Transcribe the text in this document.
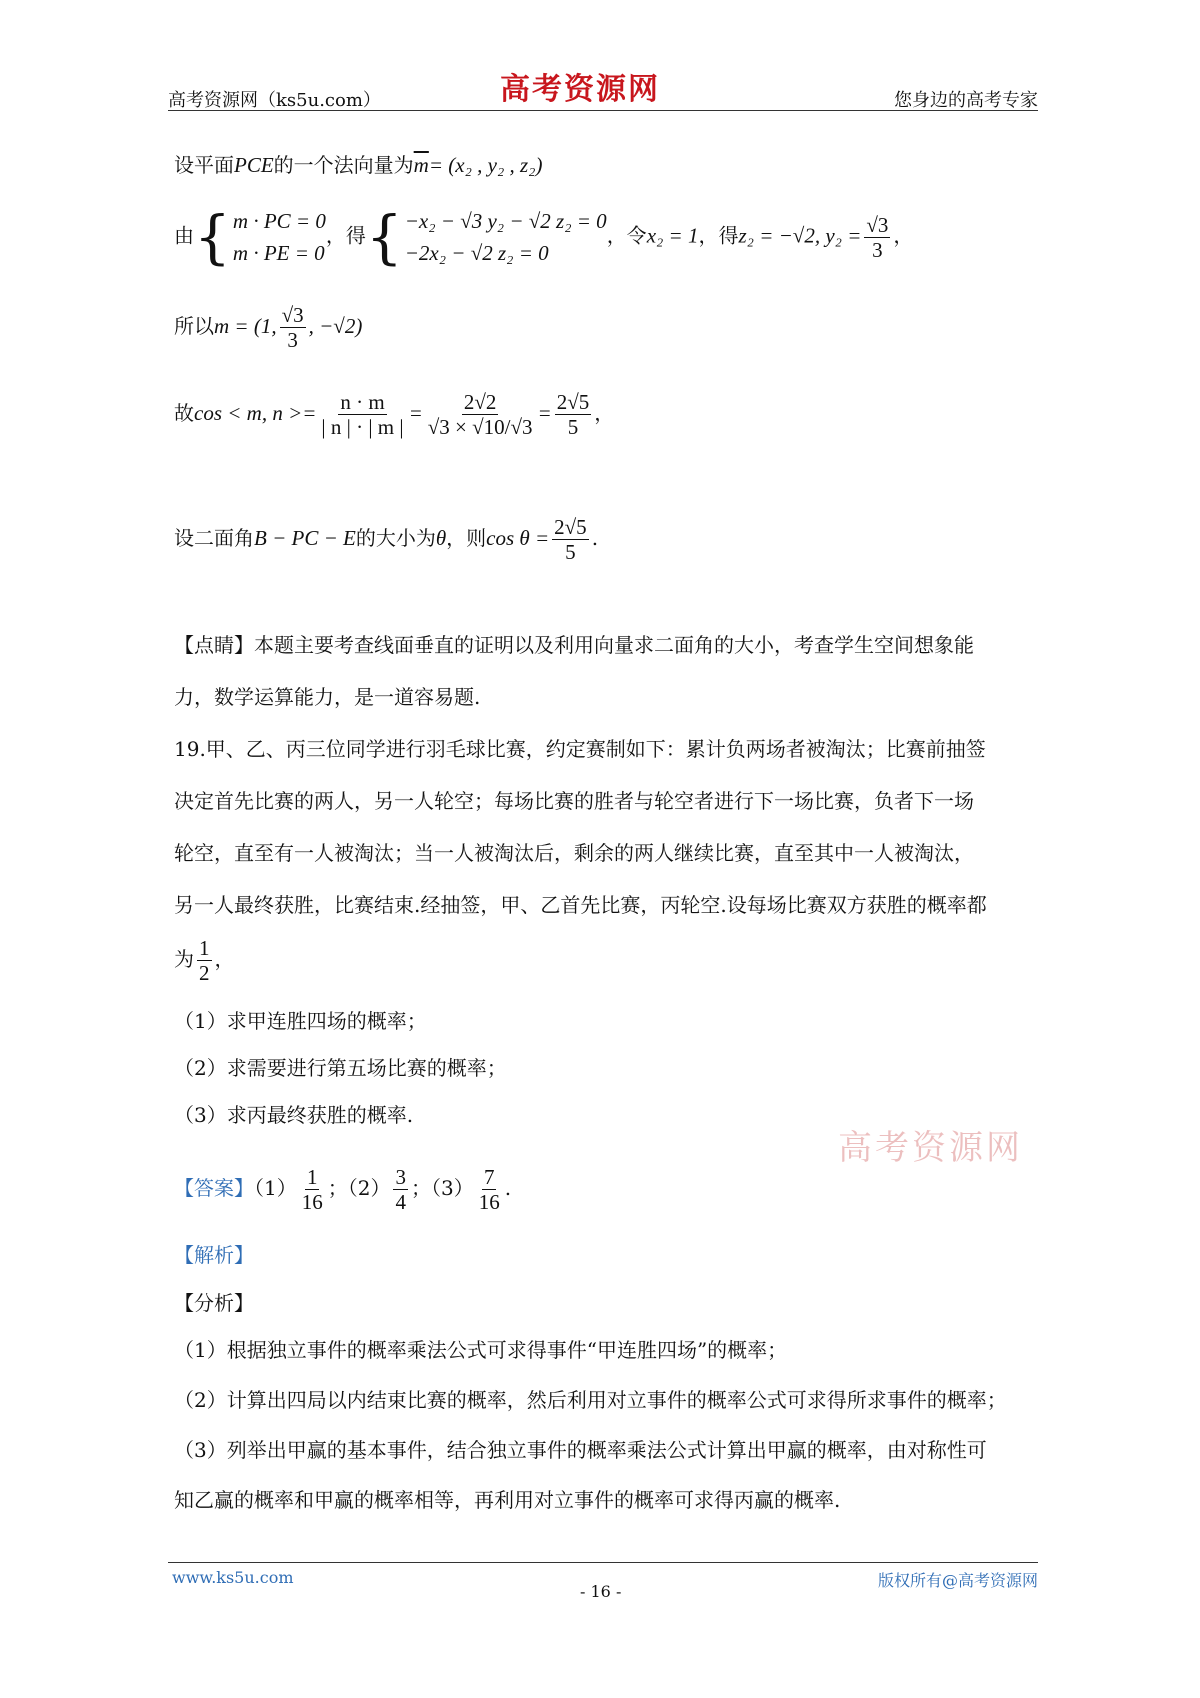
高考资源网（ks5u.com）	高考资源网	您身边的高考专家
设平面PCE的一个法向量为$\overline{m}= (x_2$ , y₂ , z₂)
由{ m · PC = 0
m · PE = 0
，得{ −x₂ − √3 y₂ − √2 z₂ = 0
−2x₂ − √2 z₂ = 0
，令x₂ = 1，得z₂ = −√2, $y_2 = \frac{√3}{3}$ ，
所以m = (1, $\frac{√3}{3}$ , −√2)
故cos < m, $n >= \frac{n \cdot m}{| n | \cdot | m |} = \frac{2√2}{√3 \times √10/√3} = \frac{2√5}{5}$ ，
设二面角B − PC − E的大小为θ，则$\cos \theta = \frac{2√5}{5}$ .
【点睛】本题主要考查线面垂直的证明以及利用向量求二面角的大小，考查学生空间想象能
力，数学运算能力，是一道容易题.
19.甲、乙、丙三位同学进行羽毛球比赛，约定赛制如下：累计负两场者被淘汰；比赛前抽签
决定首先比赛的两人，另一人轮空；每场比赛的胜者与轮空者进行下一场比赛，负者下一场
轮空，直至有一人被淘汰；当一人被淘汰后，剩余的两人继续比赛，直至其中一人被淘汰，
另一人最终获胜，比赛结束.经抽签，甲、乙首先比赛，丙轮空.设每场比赛双方获胜的概率都
为 $\frac{1}{2}$ ，
（1）求甲连胜四场的概率；
（2）求需要进行第五场比赛的概率；
（3）求丙最终获胜的概率.
高考资源网
【答案】$(1) \frac{1}{16}$ ；$(2) \frac{3}{4}$ ；$(3) \frac{7}{16}$ .
【解析】
【分析】
（1）根据独立事件的概率乘法公式可求得事件“甲连胜四场”的概率；
（2）计算出四局以内结束比赛的概率，然后利用对立事件的概率公式可求得所求事件的概率；
（3）列举出甲赢的基本事件，结合独立事件的概率乘法公式计算出甲赢的概率，由对称性可
知乙赢的概率和甲赢的概率相等，再利用对立事件的概率可求得丙赢的概率.
www.ks5u.com
- 16 -
版权所有@高考资源网
